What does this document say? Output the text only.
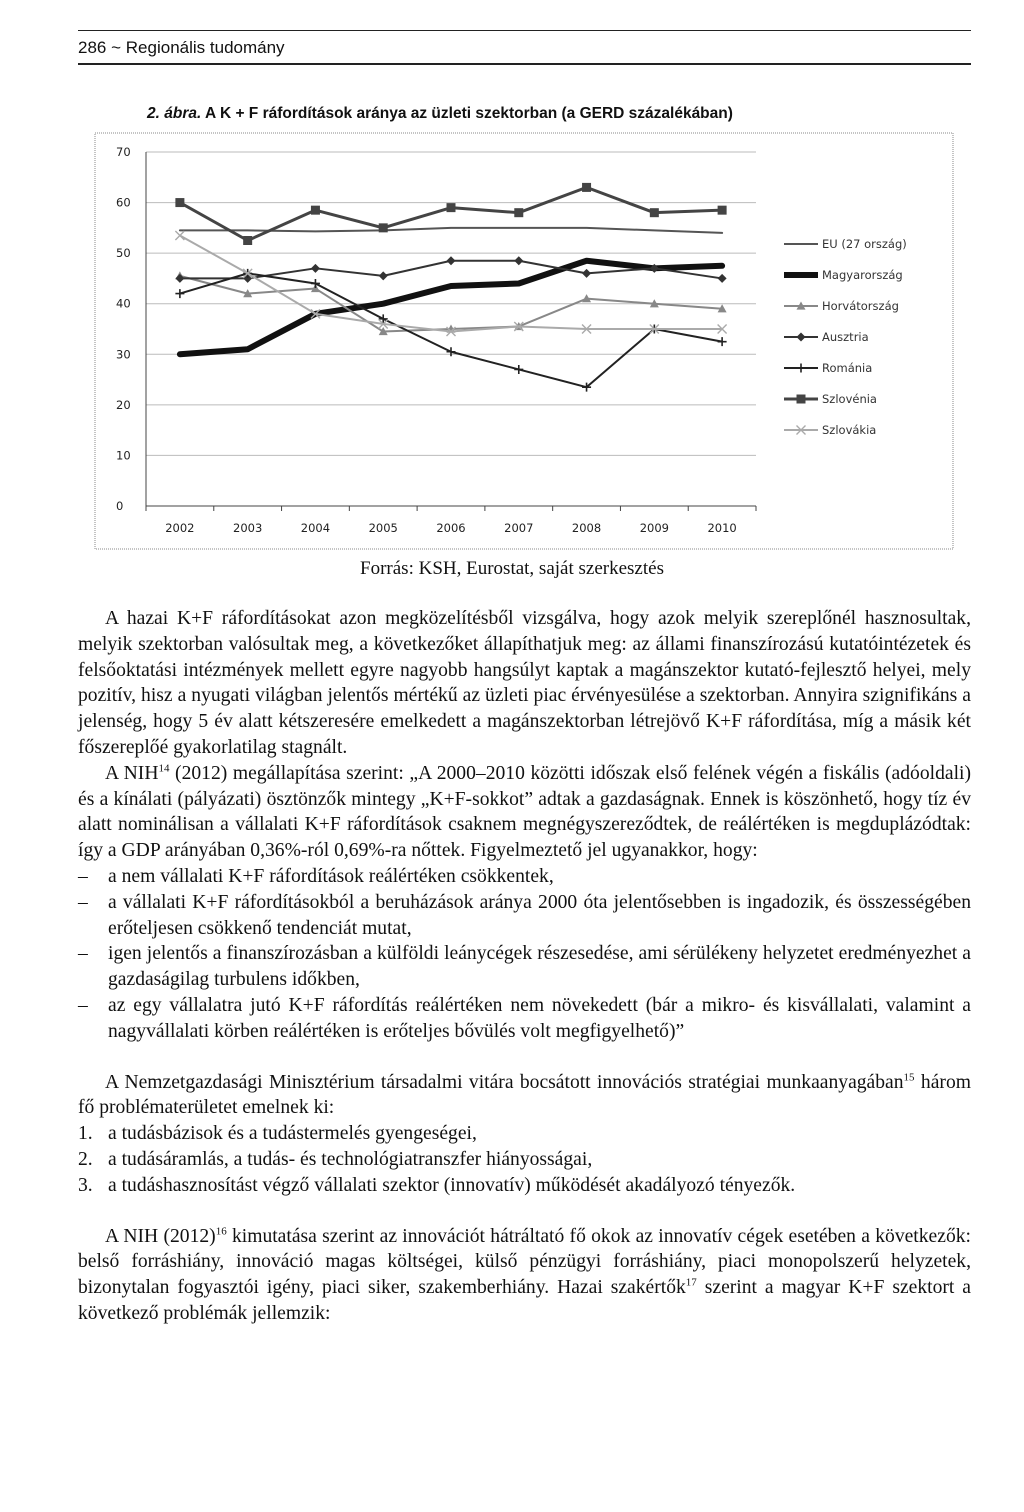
286 ~ Regionális tudomány
2. ábra. A K + F ráfordítások aránya az üzleti szektorban (a GERD százalékában)
0
10
20
30
40
50
60
70
2002	2003	2004	2005	2006	2007	2008	2009	2010
EU (27 ország)
Magyarország
Horvátország
Ausztria
Románia
Szlovénia
Szlovákia
Forrás: KSH, Eurostat, saját szerkesztés

A hazai K+F ráfordításokat azon megközelítésből vizsgálva, hogy azok melyik szereplőnél hasznosultak, melyik szektorban valósultak meg, a következőket állapíthatjuk meg: az állami finanszírozású kutatóintézetek és felsőoktatási intézmények mellett egyre nagyobb hangsúlyt kaptak a magánszektor kutató-fejlesztő helyei, mely pozitív, hisz a nyugati világban jelentős mértékű az üzleti piac érvényesülése a szektorban. Annyira szignifikáns a jelenség, hogy 5 év alatt kétszeresére emelkedett a magánszektorban létrejövő K+F ráfordítása, míg a másik két főszereplőé gyakorlatilag stagnált.

A NIH$^{14}$ (2012) megállapítása szerint: „A 2000–2010 közötti időszak első felének végén a fiskális (adóoldali) és a kínálati (pályázati) ösztönzők mintegy „K+F-sokkot” adtak a gazdaságnak. Ennek is köszönhető, hogy tíz év alatt nominálisan a vállalati K+F ráfordítások csaknem megnégyszereződtek, de reálértéken is megduplázódtak: így a GDP arányában 0,36%-ról 0,69%-ra nőttek. Figyelmeztető jel ugyanakkor, hogy:

–	a nem vállalati K+F ráfordítások reálértéken csökkentek,
–	a vállalati K+F ráfordításokból a beruházások aránya 2000 óta jelentősebben is ingadozik, és összességében erőteljesen csökkenő tendenciát mutat,
–	igen jelentős a finanszírozásban a külföldi leánycégek részesedése, ami sérülékeny helyzetet eredményezhet a gazdaságilag turbulens időkben,
–	az egy vállalatra jutó K+F ráfordítás reálértéken nem növekedett (bár a mikro- és kisvállalati, valamint a nagyvállalati körben reálértéken is erőteljes bővülés volt megfigyelhető)”

A Nemzetgazdasági Minisztérium társadalmi vitára bocsátott innovációs stratégiai munkaanyagában$^{15}$ három fő problématerületet emelnek ki:

1. a tudásbázisok és a tudástermelés gyengeségei,
2. a tudásáramlás, a tudás- és technológiatranszfer hiányosságai,
3. a tudáshasznosítást végző vállalati szektor (innovatív) működését akadályozó tényezők.

A NIH $(2012)^{16}$ kimutatása szerint az innovációt hátráltató fő okok az innovatív cégek esetében a következők: belső forráshiány, innováció magas költségei, külső pénzügyi forráshiány, piaci monopolszerű helyzetek, bizonytalan fogyasztói igény, piaci siker, szakemberhiány. Hazai szakértők$^{17}$ szerint a magyar K+F szektort a következő problémák jellemzik:
